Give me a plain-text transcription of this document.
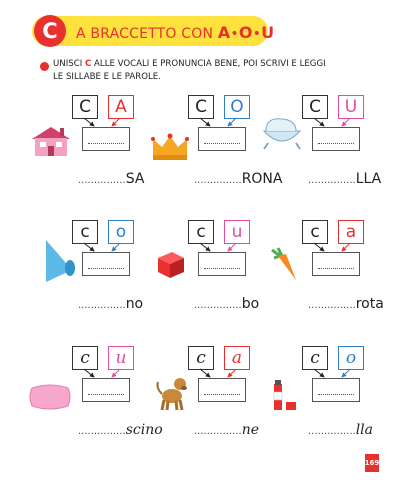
C	A BRACCETTO CON A•O•U
UNISCI C ALLE VOCALI E PRONUNCIA BENE, POI SCRIVI E LEGGI
LE SILLABE E LE PAROLE.
C	A
...............SA
C	O
...............RONA
C	U
...............LLA
c	o
...............no
c	u
...............bo
c	a
...............rota
c	u
...............scino
c	a
...............ne
c	o
...............lla
169
